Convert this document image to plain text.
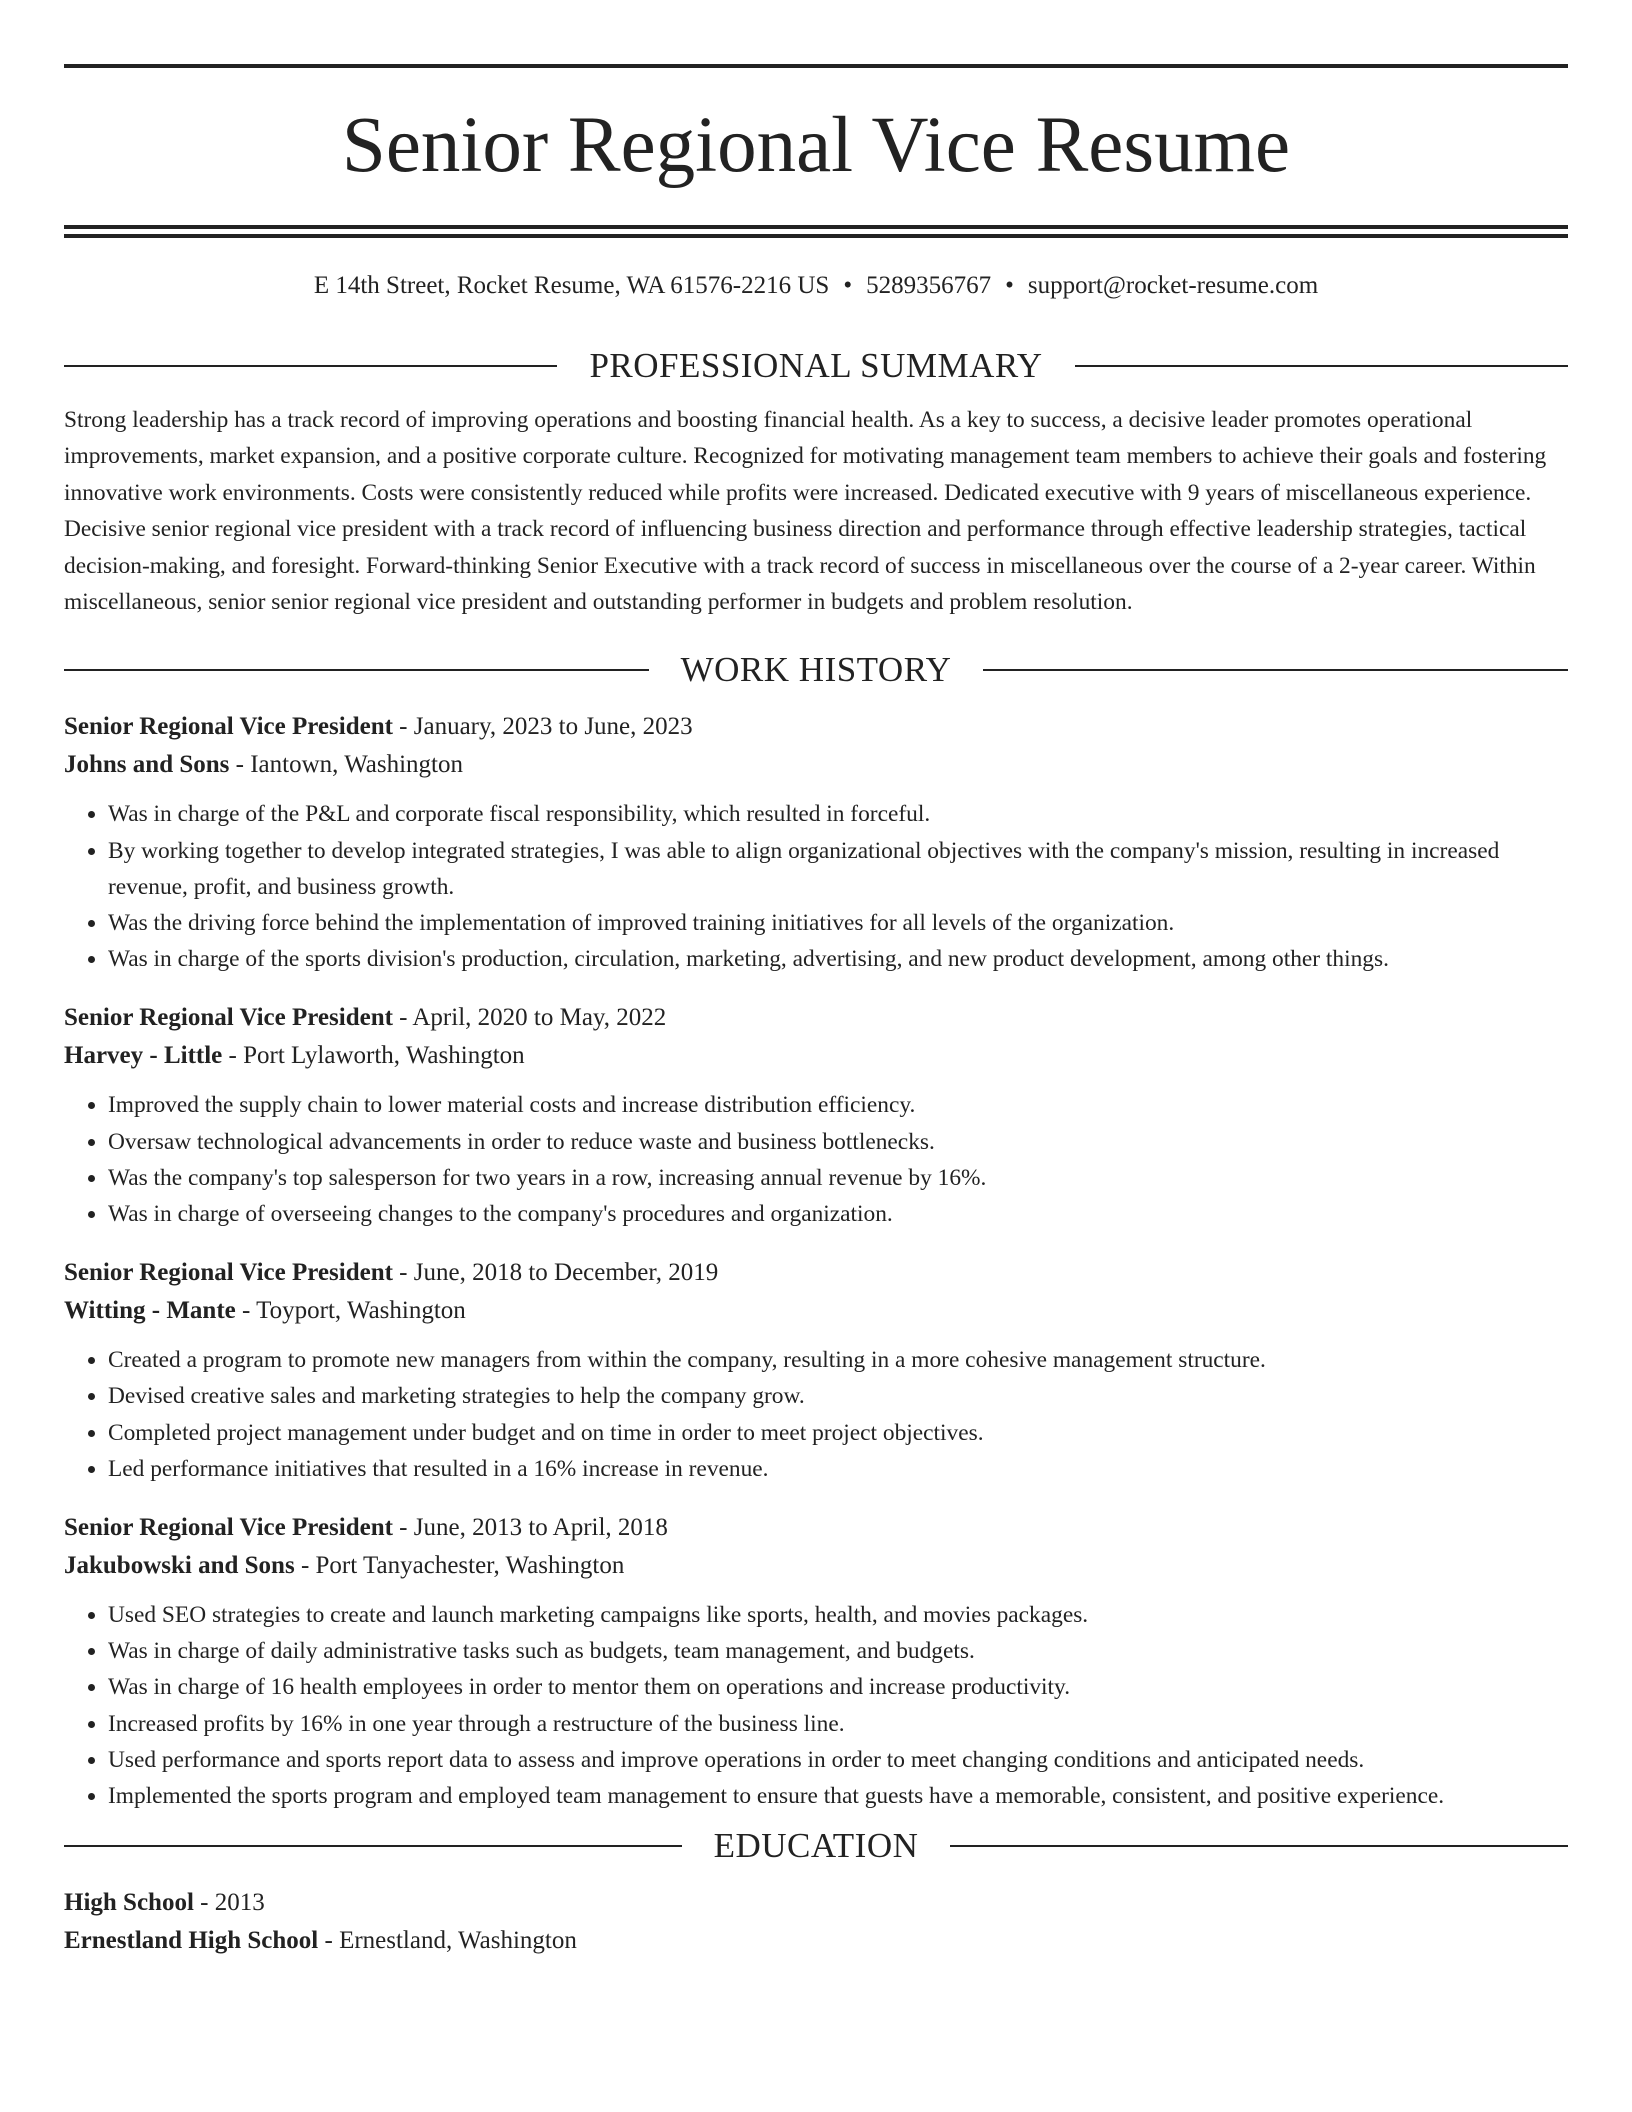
Senior Regional Vice Resume
E 14th Street, Rocket Resume, WA 61576-2216 US • 5289356767 • support@rocket-resume.com
PROFESSIONAL SUMMARY

Strong leadership has a track record of improving operations and boosting financial health. As a key to success, a decisive leader promotes operational improvements, market expansion, and a positive corporate culture. Recognized for motivating management team members to achieve their goals and fostering innovative work environments. Costs were consistently reduced while profits were increased. Dedicated executive with 9 years of miscellaneous experience. Decisive senior regional vice president with a track record of influencing business direction and performance through effective leadership strategies, tactical decision-making, and foresight. Forward-thinking Senior Executive with a track record of success in miscellaneous over the course of a 2-year career. Within miscellaneous, senior senior regional vice president and outstanding performer in budgets and problem resolution.

WORK HISTORY
Senior Regional Vice President - January, 2023 to June, 2023
Johns and Sons - Iantown, Washington
• Was in charge of the P&L and corporate fiscal responsibility, which resulted in forceful.
• By working together to develop integrated strategies, I was able to align organizational objectives with the company's mission, resulting in increased revenue, profit, and business growth.
• Was the driving force behind the implementation of improved training initiatives for all levels of the organization.
• Was in charge of the sports division's production, circulation, marketing, advertising, and new product development, among other things.
Senior Regional Vice President - April, 2020 to May, 2022
Harvey - Little - Port Lylaworth, Washington
• Improved the supply chain to lower material costs and increase distribution efficiency.
• Oversaw technological advancements in order to reduce waste and business bottlenecks.
• Was the company's top salesperson for two years in a row, increasing annual revenue by 16%.
• Was in charge of overseeing changes to the company's procedures and organization.
Senior Regional Vice President - June, 2018 to December, 2019
Witting - Mante - Toyport, Washington
• Created a program to promote new managers from within the company, resulting in a more cohesive management structure.
• Devised creative sales and marketing strategies to help the company grow.
• Completed project management under budget and on time in order to meet project objectives.
• Led performance initiatives that resulted in a 16% increase in revenue.
Senior Regional Vice President - June, 2013 to April, 2018
Jakubowski and Sons - Port Tanyachester, Washington
• Used SEO strategies to create and launch marketing campaigns like sports, health, and movies packages.
• Was in charge of daily administrative tasks such as budgets, team management, and budgets.
• Was in charge of 16 health employees in order to mentor them on operations and increase productivity.
• Increased profits by 16% in one year through a restructure of the business line.
• Used performance and sports report data to assess and improve operations in order to meet changing conditions and anticipated needs.
• Implemented the sports program and employed team management to ensure that guests have a memorable, consistent, and positive experience.
EDUCATION
High School - 2013
Ernestland High School - Ernestland, Washington
